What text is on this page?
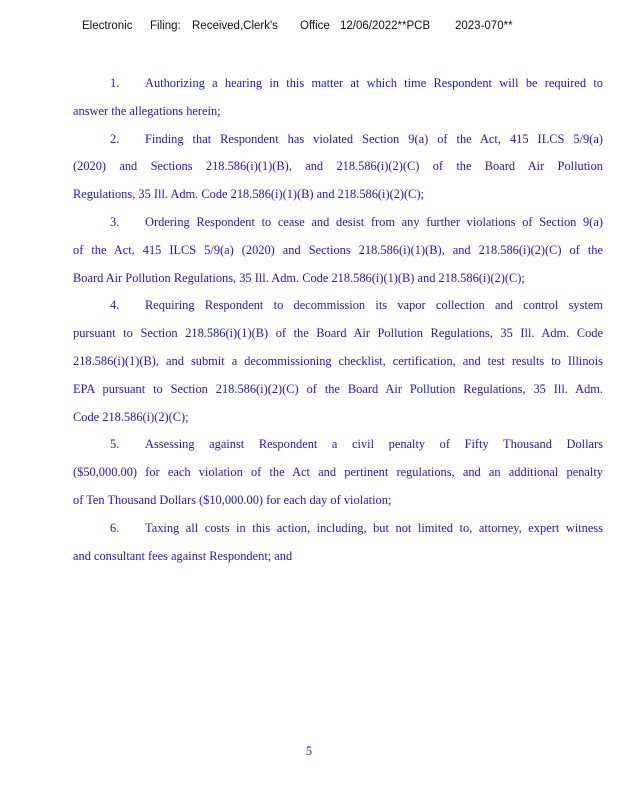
Electronic Filing: Received,Clerk's Office 12/06/2022**PCB 2023-070**
1. Authorizing a hearing in this matter at which time Respondent will be required to
answer the allegations herein;
2. Finding that Respondent has violated Section 9(a) of the Act, 415 ILCS 5/9(a)
(2020) and Sections 218.586(i)(1)(B), and 218.586(i)(2)(C) of the Board Air Pollution
Regulations, 35 Ill. Adm. Code 218.586(i)(1)(B) and 218.586(i)(2)(C);
3. Ordering Respondent to cease and desist from any further violations of Section 9(a)
of the Act, 415 ILCS 5/9(a) (2020) and Sections 218.586(i)(1)(B), and 218.586(i)(2)(C) of the
Board Air Pollution Regulations, 35 Ill. Adm. Code 218.586(i)(1)(B) and 218.586(i)(2)(C);
4. Requiring Respondent to decommission its vapor collection and control system
pursuant to Section 218.586(i)(1)(B) of the Board Air Pollution Regulations, 35 Ill. Adm. Code
218.586(i)(1)(B), and submit a decommissioning checklist, certification, and test results to Illinois
EPA pursuant to Section 218.586(i)(2)(C) of the Board Air Pollution Regulations, 35 Ill. Adm.
Code 218.586(i)(2)(C);
5. Assessing against Respondent a civil penalty of Fifty Thousand Dollars
($50,000.00) for each violation of the Act and pertinent regulations, and an additional penalty
of Ten Thousand Dollars ($10,000.00) for each day of violation;
6. Taxing all costs in this action, including, but not limited to, attorney, expert witness
and consultant fees against Respondent; and
5
